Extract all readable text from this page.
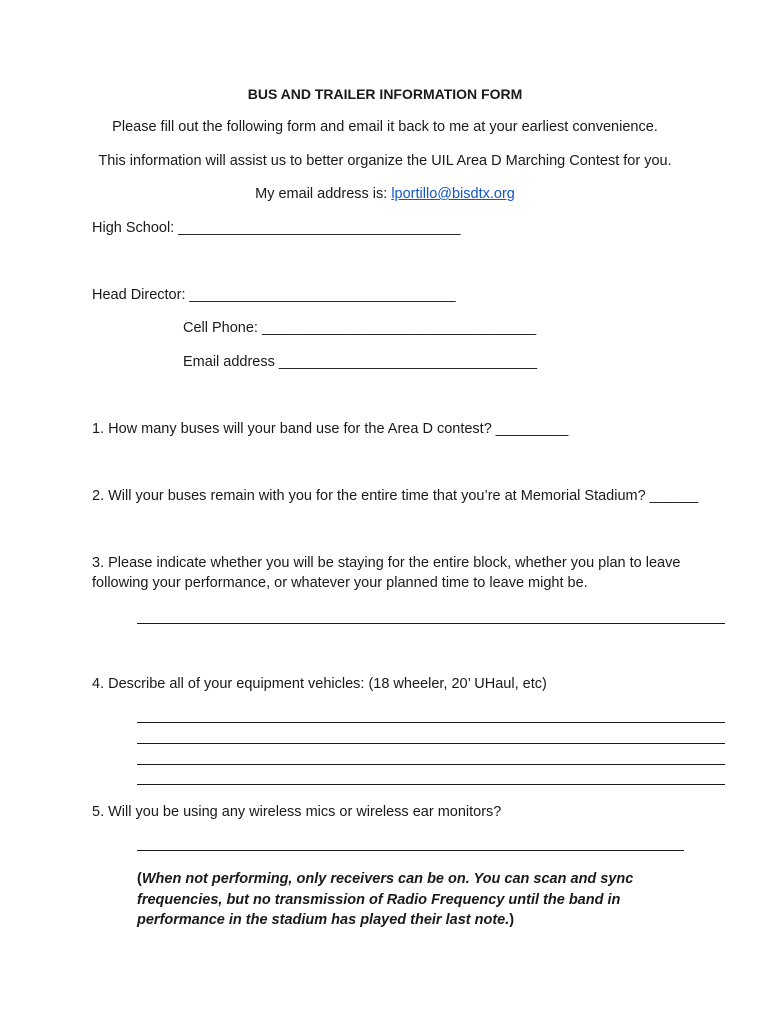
BUS AND TRAILER INFORMATION FORM
Please fill out the following form and email it back to me at your earliest convenience.
This information will assist us to better organize the UIL Area D Marching Contest for you.
My email address is: lportillo@bisdtx.org
High School: ___________________________________
Head Director: _________________________________
Cell Phone: __________________________________
Email address ________________________________
1. How many buses will your band use for the Area D contest? _________
2. Will your buses remain with you for the entire time that you’re at Memorial Stadium? ______
3. Please indicate whether you will be staying for the entire block, whether you plan to leave
following your performance, or whatever your planned time to leave might be.
4. Describe all of your equipment vehicles: (18 wheeler, 20’ UHaul, etc)
5. Will you be using any wireless mics or wireless ear monitors?
(When not performing, only receivers can be on. You can scan and sync frequencies, but no transmission of Radio Frequency until the band in performance in the stadium has played their last note.)
